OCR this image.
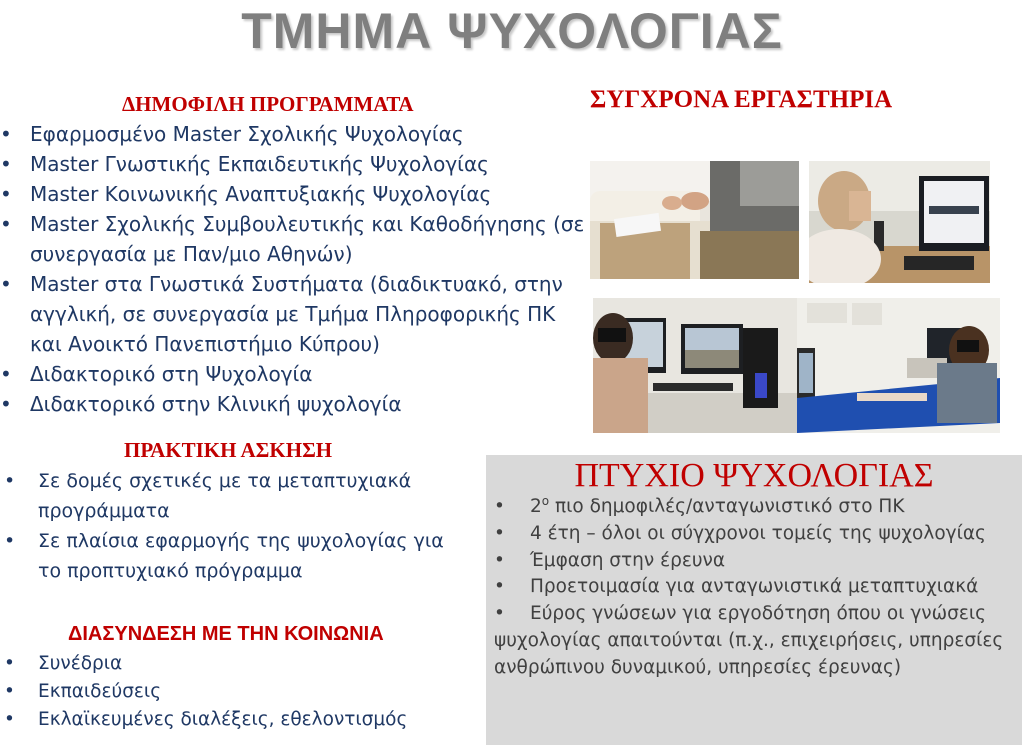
ΤΜΗΜΑ ΨΥΧΟΛΟΓΙΑΣ
ΔΗΜΟΦΙΛΗ ΠΡΟΓΡΑΜΜΑΤΑ
• Εφαρμοσμένο Master Σχολικής Ψυχολογίας
• Master Γνωστικής Εκπαιδευτικής Ψυχολογίας
• Master Κοινωνικής Αναπτυξιακής Ψυχολογίας
• Master Σχολικής Συμβουλευτικής και Καθοδήγησης (σε συνεργασία με Παν/μιο Αθηνών)
• Master στα Γνωστικά Συστήματα (διαδικτυακό, στην αγγλική, σε συνεργασία με Τμήμα Πληροφορικής ΠΚ και Ανοικτό Πανεπιστήμιο Κύπρου)
• Διδακτορικό στη Ψυχολογία
• Διδακτορικό στην Κλινική ψυχολογία
ΠΡΑΚΤΙΚΗ ΑΣΚΗΣΗ
• Σε δομές σχετικές με τα μεταπτυχιακά προγράμματα
• Σε πλαίσια εφαρμογής της ψυχολογίας για το προπτυχιακό πρόγραμμα
ΔΙΑΣΥΝΔΕΣΗ ΜΕ ΤΗΝ ΚΟΙΝΩΝΙΑ
• Συνέδρια
• Εκπαιδεύσεις
• Εκλαϊκευμένες διαλέξεις, εθελοντισμός
ΣΥΓΧΡΟΝΑ ΕΡΓΑΣΤΗΡΙΑ
ΠΤΥΧΙΟ ΨΥΧΟΛΟΓΙΑΣ
• $2^o$ πιο δημοφιλές/ανταγωνιστικό στο ΠΚ
• 4 έτη – όλοι οι σύγχρονοι τομείς της ψυχολογίας
• Έμφαση στην έρευνα
• Προετοιμασία για ανταγωνιστικά μεταπτυχιακά
• Εύρος γνώσεων για εργοδότηση όπου οι γνώσεις ψυχολογίας απαιτούνται (π.χ., επιχειρήσεις, υπηρεσίες ανθρώπινου δυναμικού, υπηρεσίες έρευνας)
